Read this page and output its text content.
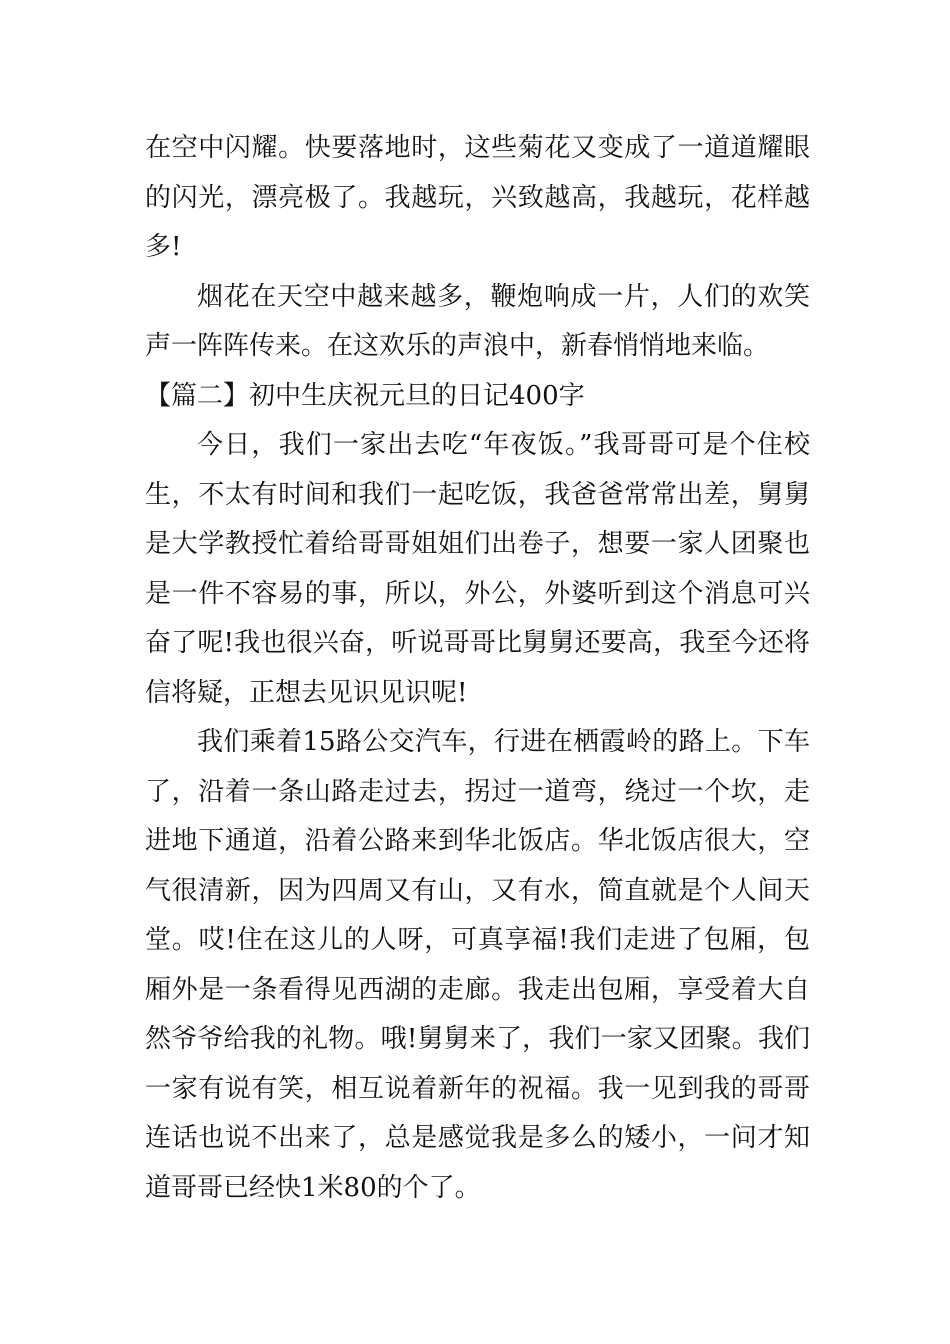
在空中闪耀。快要落地时，这些菊花又变成了一道道耀眼的闪光，漂亮极了。我越玩，兴致越高，我越玩，花样越多!

烟花在天空中越来越多，鞭炮响成一片，人们的欢笑声一阵阵传来。在这欢乐的声浪中，新春悄悄地来临。

【篇二】初中生庆祝元旦的日记400字

今日，我们一家出去吃“年夜饭。”我哥哥可是个住校生，不太有时间和我们一起吃饭，我爸爸常常出差，舅舅是大学教授忙着给哥哥姐姐们出卷子，想要一家人团聚也是一件不容易的事，所以，外公，外婆听到这个消息可兴奋了呢!我也很兴奋，听说哥哥比舅舅还要高，我至今还将信将疑，正想去见识见识呢!

我们乘着15路公交汽车，行进在栖霞岭的路上。下车了，沿着一条山路走过去，拐过一道弯，绕过一个坎，走进地下通道，沿着公路来到华北饭店。华北饭店很大，空气很清新，因为四周又有山，又有水，简直就是个人间天堂。哎!住在这儿的人呀，可真享福!我们走进了包厢，包厢外是一条看得见西湖的走廊。我走出包厢，享受着大自然爷爷给我的礼物。哦!舅舅来了，我们一家又团聚。我们一家有说有笑，相互说着新年的祝福。我一见到我的哥哥连话也说不出来了，总是感觉我是多么的矮小，一问才知道哥哥已经快1米80的个了。
